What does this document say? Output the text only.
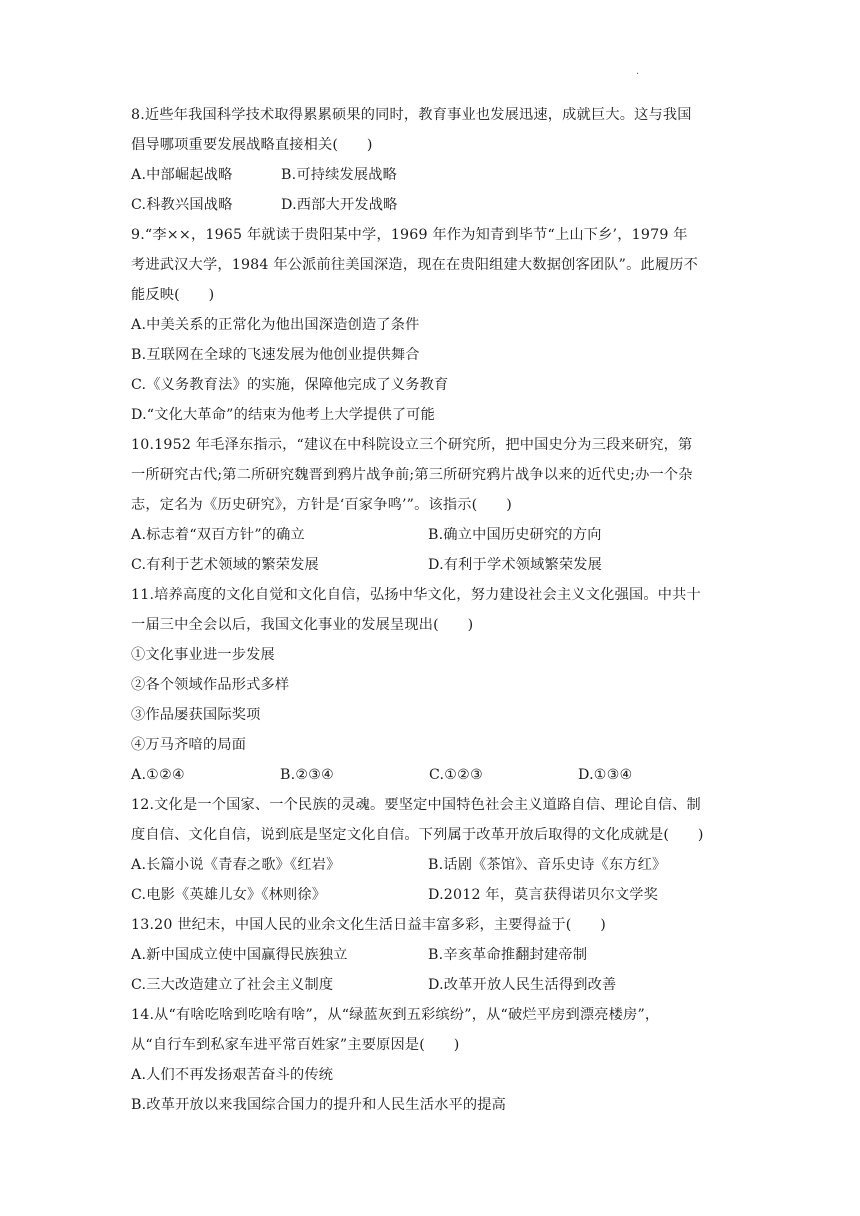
.
8.近些年我国科学技术取得累累硕果的同时，教育事业也发展迅速，成就巨大。这与我国
倡导哪项重要发展战略直接相关(　　)
A.中部崛起战略	B.可持续发展战略
C.科教兴国战略	D.西部大开发战略
9.“李××，1965 年就读于贵阳某中学，1969 年作为知青到毕节“上山下乡’，1979 年
考进武汉大学，1984 年公派前往美国深造，现在在贵阳组建大数据创客团队”。此履历不
能反映(　　)
A.中美关系的正常化为他出国深造创造了条件
B.互联网在全球的飞速发展为他创业提供舞合
C.《义务教育法》的实施，保障他完成了义务教育
D.“文化大革命”的结束为他考上大学提供了可能
10.1952 年毛泽东指示，“建议在中科院设立三个研究所，把中国史分为三段来研究，第
一所研究古代;第二所研究魏晋到鸦片战争前;第三所研究鸦片战争以来的近代史;办一个杂
志，定名为《历史研究》，方针是‘百家争鸣’”。该指示(　　)
A.标志着“双百方针”的确立	B.确立中国历史研究的方向
C.有利于艺术领域的繁荣发展	D.有利于学术领域繁荣发展
11.培养高度的文化自觉和文化自信，弘扬中华文化，努力建设社会主义文化强国。中共十
一届三中全会以后，我国文化事业的发展呈现出(　　)
①文化事业进一步发展
②各个领域作品形式多样
③作品屡获国际奖项
④万马齐喑的局面
A.①②④	B.②③④	C.①②③	D.①③④
12.文化是一个国家、一个民族的灵魂。要坚定中国特色社会主义道路自信、理论自信、制
度自信、文化自信，说到底是坚定文化自信。下列属于改革开放后取得的文化成就是(　　)
A.长篇小说《青春之歌》《红岩》	B.话剧《茶馆》、音乐史诗《东方红》
C.电影《英雄儿女》《林则徐》	D.2012 年，莫言获得诺贝尔文学奖
13.20 世纪末，中国人民的业余文化生活日益丰富多彩，主要得益于(　　)
A.新中国成立使中国赢得民族独立	B.辛亥革命推翻封建帝制
C.三大改造建立了社会主义制度	D.改革开放人民生活得到改善
14.从“有啥吃啥到吃啥有啥”，从“绿蓝灰到五彩缤纷”，从“破烂平房到漂亮楼房”，
从“自行车到私家车进平常百姓家”主要原因是(　　)
A.人们不再发扬艰苦奋斗的传统
B.改革开放以来我国综合国力的提升和人民生活水平的提高
